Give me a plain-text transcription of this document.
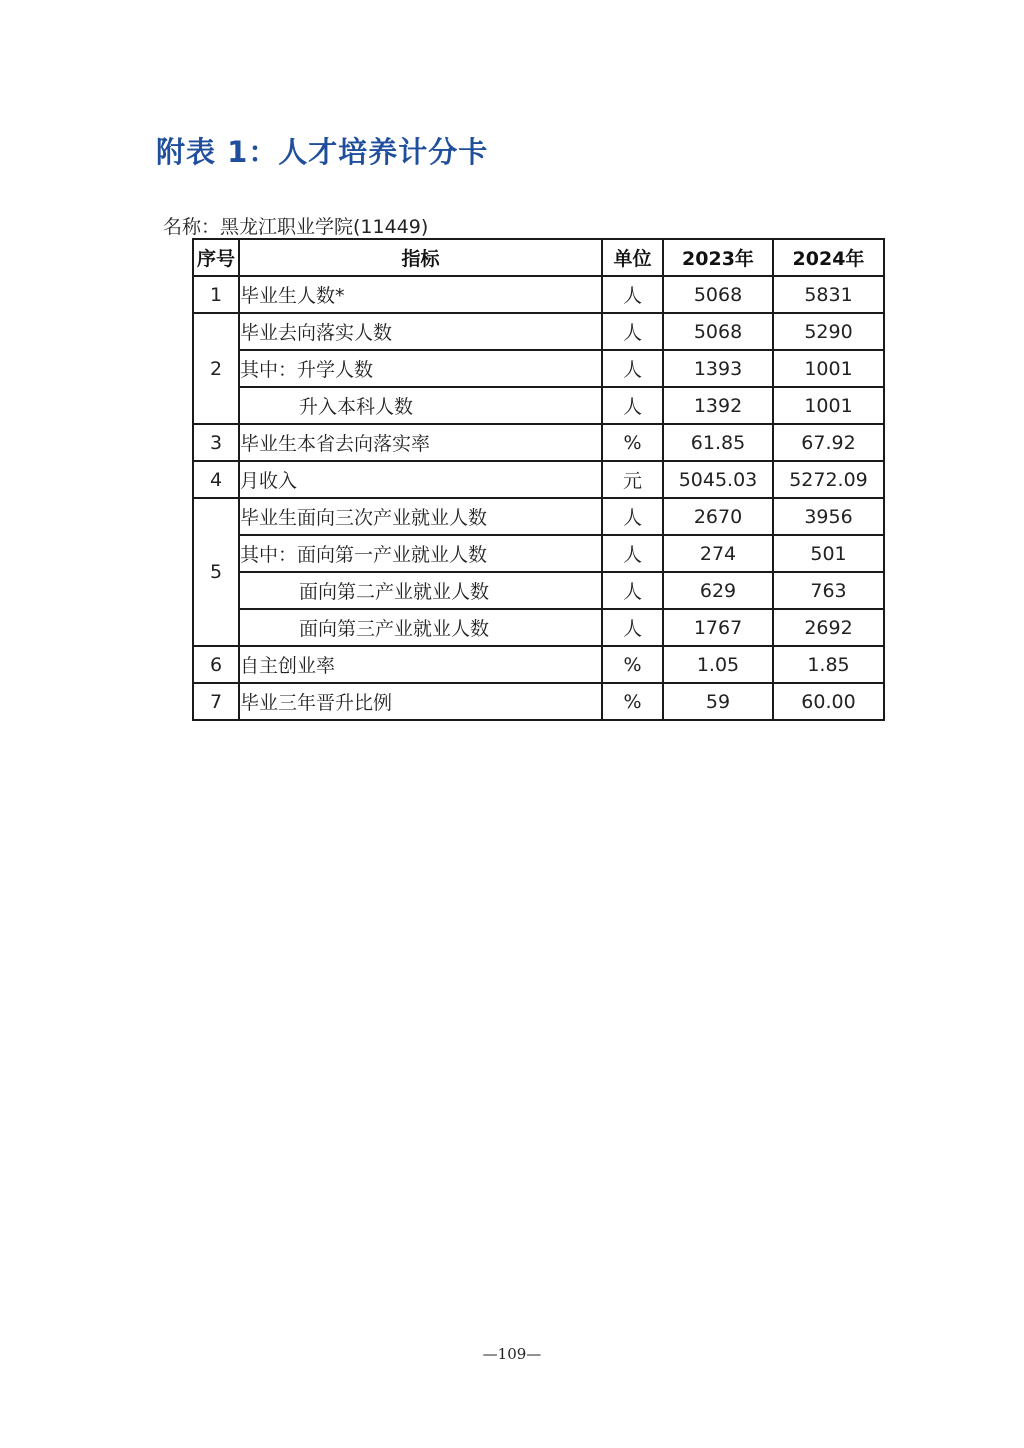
附表 1：人才培养计分卡
名称：黑龙江职业学院(11449)
序号	指标	单位	2023年	2024年
1	毕业生人数*	人	5068	5831
2	毕业去向落实人数	人	5068	5290
	其中：升学人数	人	1393	1001
	升入本科人数	人	1392	1001
3	毕业生本省去向落实率	%	61.85	67.92
4	月收入	元	5045.03	5272.09
5	毕业生面向三次产业就业人数	人	2670	3956
	其中：面向第一产业就业人数	人	274	501
	面向第二产业就业人数	人	629	763
	面向第三产业就业人数	人	1767	2692
6	自主创业率	%	1.05	1.85
7	毕业三年晋升比例	%	59	60.00
—109—
